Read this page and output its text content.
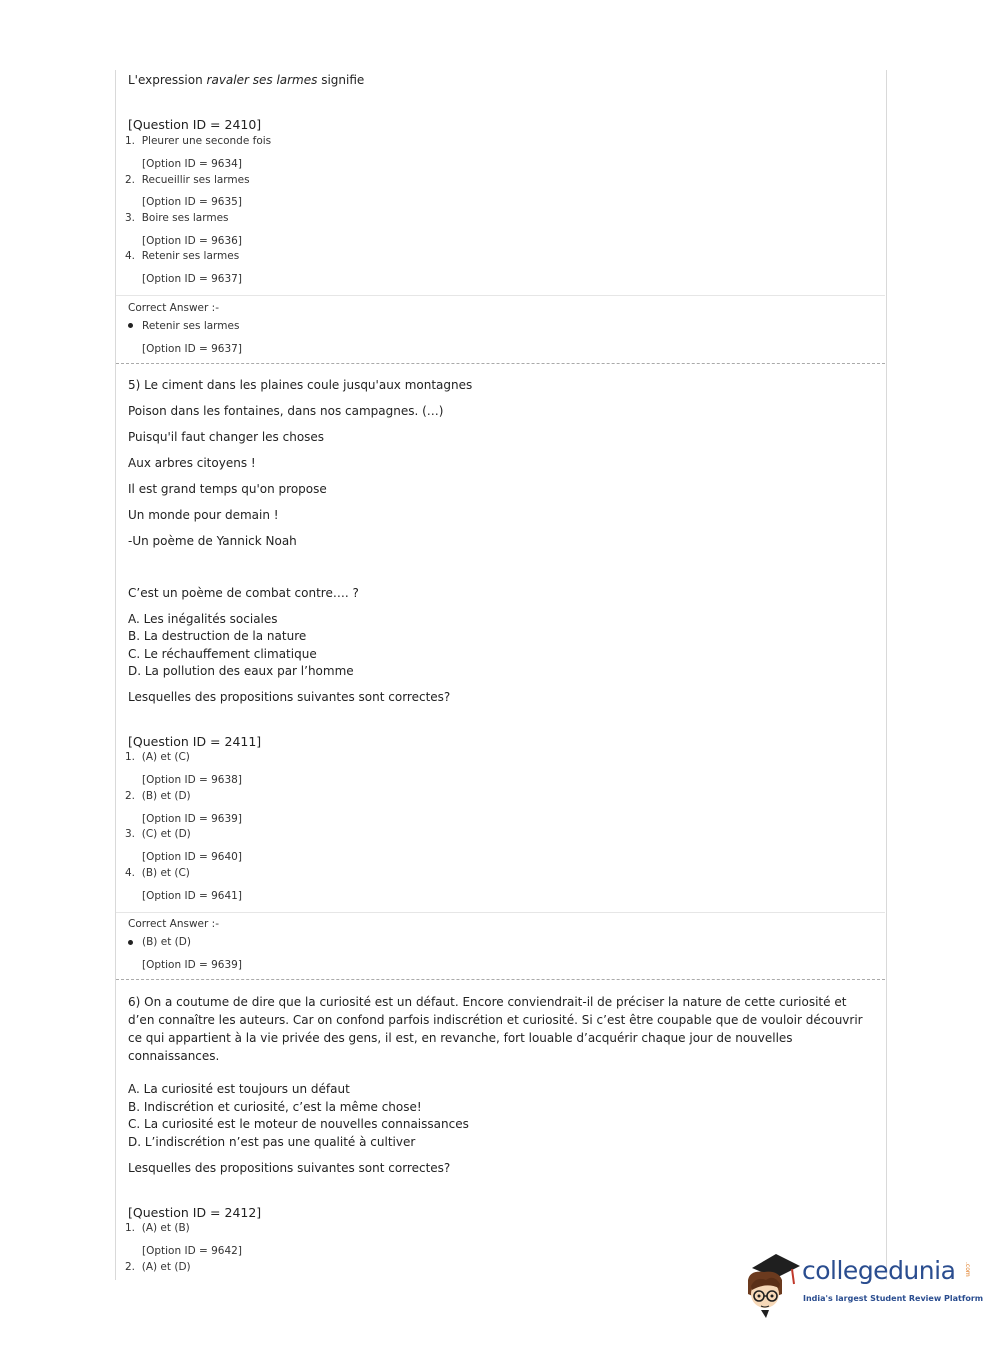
L'expression ravaler ses larmes signifie
[Question ID = 2410]
1. Pleurer une seconde fois
[Option ID = 9634]
2. Recueillir ses larmes
[Option ID = 9635]
3. Boire ses larmes
[Option ID = 9636]
4. Retenir ses larmes
[Option ID = 9637]
Correct Answer :-
Retenir ses larmes
[Option ID = 9637]
5) Le ciment dans les plaines coule jusqu'aux montagnes
Poison dans les fontaines, dans nos campagnes. (…)
Puisqu'il faut changer les choses
Aux arbres citoyens !
Il est grand temps qu'on propose
Un monde pour demain !
-Un poème de Yannick Noah
C’est un poème de combat contre…. ?
A. Les inégalités sociales
B. La destruction de la nature
C. Le réchauffement climatique
D. La pollution des eaux par l’homme
Lesquelles des propositions suivantes sont correctes?
[Question ID = 2411]
1. (A) et (C)
[Option ID = 9638]
2. (B) et (D)
[Option ID = 9639]
3. (C) et (D)
[Option ID = 9640]
4. (B) et (C)
[Option ID = 9641]
Correct Answer :-
(B) et (D)
[Option ID = 9639]
6) On a coutume de dire que la curiosité est un défaut. Encore conviendrait-il de préciser la nature de cette curiosité et d’en connaître les auteurs. Car on confond parfois indiscrétion et curiosité. Si c’est être coupable que de vouloir découvrir ce qui appartient à la vie privée des gens, il est, en revanche, fort louable d’acquérir chaque jour de nouvelles connaissances.
A. La curiosité est toujours un défaut
B. Indiscrétion et curiosité, c’est la même chose!
C. La curiosité est le moteur de nouvelles connaissances
D. L’indiscrétion n’est pas une qualité à cultiver
Lesquelles des propositions suivantes sont correctes?
[Question ID = 2412]
1. (A) et (B)
[Option ID = 9642]
2. (A) et (D)	collegedunia .com
India's largest Student Review Platform
